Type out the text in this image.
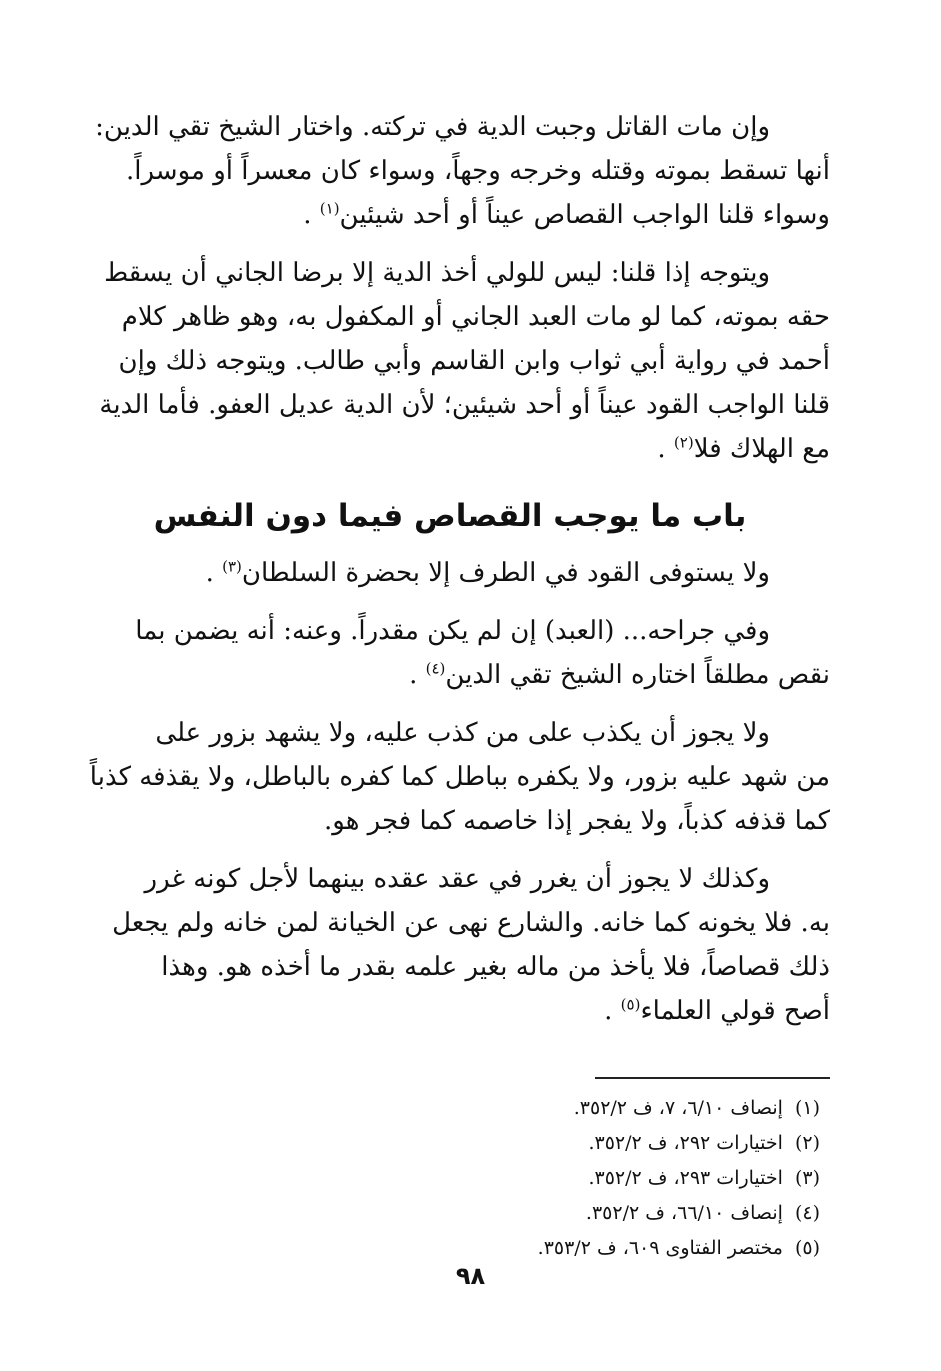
وإن مات القاتل وجبت الدية في تركته. واختار الشيخ تقي الدين:
أنها تسقط بموته وقتله وخرجه وجهاً، وسواء كان معسراً أو موسراً.
وسواء قلنا الواجب القصاص عيناً أو أحد شيئين$^{(١)}$ .
ويتوجه إذا قلنا: ليس للولي أخذ الدية إلا برضا الجاني أن يسقط
حقه بموته، كما لو مات العبد الجاني أو المكفول به، وهو ظاهر كلام
أحمد في رواية أبي ثواب وابن القاسم وأبي طالب. ويتوجه ذلك وإن
قلنا الواجب القود عيناً أو أحد شيئين؛ لأن الدية عديل العفو. فأما الدية
مع الهلاك فلا$^{(٢)}$ .
باب ما يوجب القصاص فيما دون النفس
ولا يستوفى القود في الطرف إلا بحضرة السلطان$^{(٣)}$ .
وفي جراحه... (العبد) إن لم يكن مقدراً. وعنه: أنه يضمن بما
نقص مطلقاً اختاره الشيخ تقي الدين$^{(٤)}$ .
ولا يجوز أن يكذب على من كذب عليه، ولا يشهد بزور على
من شهد عليه بزور، ولا يكفره بباطل كما كفره بالباطل، ولا يقذفه كذباً
كما قذفه كذباً، ولا يفجر إذا خاصمه كما فجر هو.
وكذلك لا يجوز أن يغرر في عقد عقده بينهما لأجل كونه غرر
به. فلا يخونه كما خانه. والشارع نهى عن الخيانة لمن خانه ولم يجعل
ذلك قصاصاً، فلا يأخذ من ماله بغير علمه بقدر ما أخذه هو. وهذا
أصح قولي العلماء$^{(٥)}$ .
(١)إنصاف ٦/١٠، ٧، ف ٣٥٢/٢.
(٢)اختيارات ٢٩٢، ف ٣٥٢/٢.
(٣)اختيارات ٢٩٣، ف ٣٥٢/٢.
(٤)إنصاف ٦٦/١٠، ف ٣٥٢/٢.
(٥)مختصر الفتاوى ٦٠٩، ف ٣٥٣/٢.
٩٨
